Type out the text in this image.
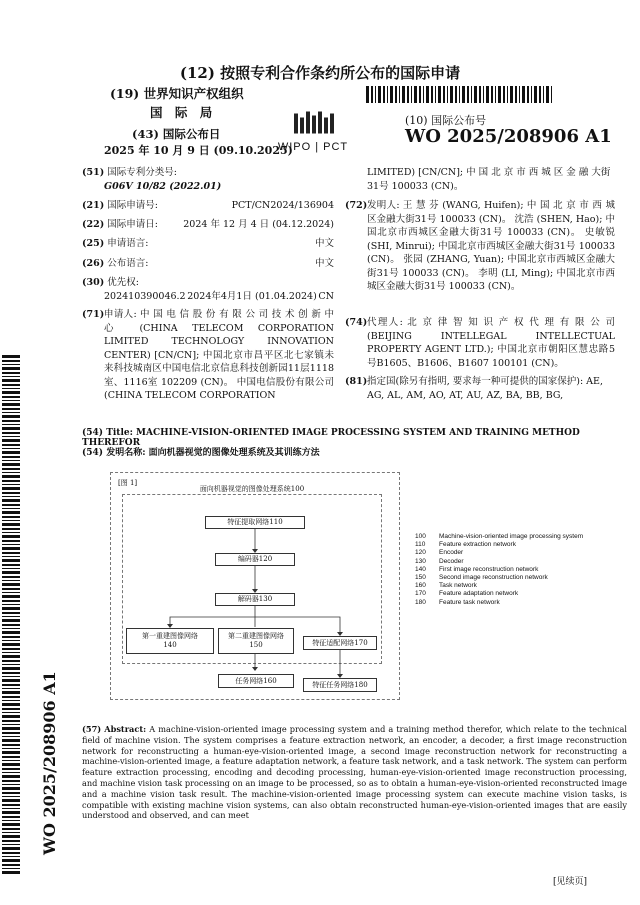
(12) 按照专利合作条约所公布的国际申请
(19) 世界知识产权组织
国 际 局
(43) 国际公布日
2025 年 10 月 9 日 (09.10.2025)
(10) 国际公布号
WO 2025/208906 A1
WIPO | PCT
WO 2025/208906 A1
(51) 国际专利分类号:
G06V 10/82 (2022.01)
(21) 国际申请号:	PCT/CN2024/136904
(22) 国际申请日:	2024 年 12 月 4 日 (04.12.2024)
(25) 申请语言:	中文
(26) 公布语言:	中文
(30) 优先权:
202410390046.2 2024年4月1日 (01.04.2024) CN
(71) 申请人: 中 国 电 信 股 份 有 限 公 司 技 术 创 新 中 心 (CHINA TELECOM CORPORATION LIMITED TECHNOLOGY INNOVATION CENTER) [CN/CN]; 中国北京市昌平区北七家镇未来科技城南区中国电信北京信息科技创新园11层1118室、1116室 102209 (CN)。 中国电信股份有限公司 (CHINA TELECOM CORPORATION
LIMITED) [CN/CN]; 中 国 北 京 市 西 城 区 金 融 大街31号 100033 (CN)。
(72) 发明人: 王 慧 芬 (WANG, Huifen); 中 国 北 京 市 西 城区金融大街31号 100033 (CN)。 沈浩 (SHEN, Hao); 中国北京市西城区金融大街31号 100033 (CN)。 史敏锐 (SHI, Minrui); 中国北京市西城区金融大街31号 100033 (CN)。 张园 (ZHANG, Yuan); 中国北京市西城区金融大街31号 100033 (CN)。 李明 (LI, Ming); 中国北京市西城区金融大街31号 100033 (CN)。
(74) 代理人: 北 京 律 智 知 识 产 权 代 理 有 限 公 司 (BEIJING INTELLEGAL INTELLECTUAL PROPERTY AGENT LTD.); 中国北京市朝阳区慧忠路5号B1605、B1606、B1607 100101 (CN)。
(81) 指定国(除另有指明, 要求每一种可提供的国家保护): AE, AG, AL, AM, AO, AT, AU, AZ, BA, BB, BG,
(54) Title: MACHINE-VISION-ORIENTED IMAGE PROCESSING SYSTEM AND TRAINING METHOD THEREFOR
(54) 发明名称: 面向机器视觉的图像处理系统及其训练方法
[图 1]
面向机器视觉的图像处理系统100
特征提取网络110
编码器120
解码器130
第一重建图像网络
140
第二重建图像网络
150	特征适配网络170
任务网络160	特征任务网络180
100	Machine-vision-oriented image processing system
110	Feature extraction network
120	Encoder
130	Decoder
140	First image reconstruction network
150	Second image reconstruction network
160	Task network
170	Feature adaptation network
180	Feature task network
(57) Abstract: A machine-vision-oriented image processing system and a training method therefor, which relate to the technical field of machine vision. The system comprises a feature extraction network, an encoder, a decoder, a first image reconstruction network for reconstructing a human-eye-vision-oriented image, a second image reconstruction network for reconstructing a machine-vision-oriented image, a feature adaptation network, a feature task network, and a task network. The system can perform feature extraction processing, encoding and decoding processing, human-eye-vision-oriented image reconstruction processing, and machine vision task processing on an image to be processed, so as to obtain a human-eye-vision-oriented reconstructed image and a machine vision task result. The machine-vision-oriented image processing system can execute machine vision tasks, is compatible with existing machine vision systems, can also obtain reconstructed human-eye-vision-oriented images that are easily understood and observed, and can meet
[见续页]
